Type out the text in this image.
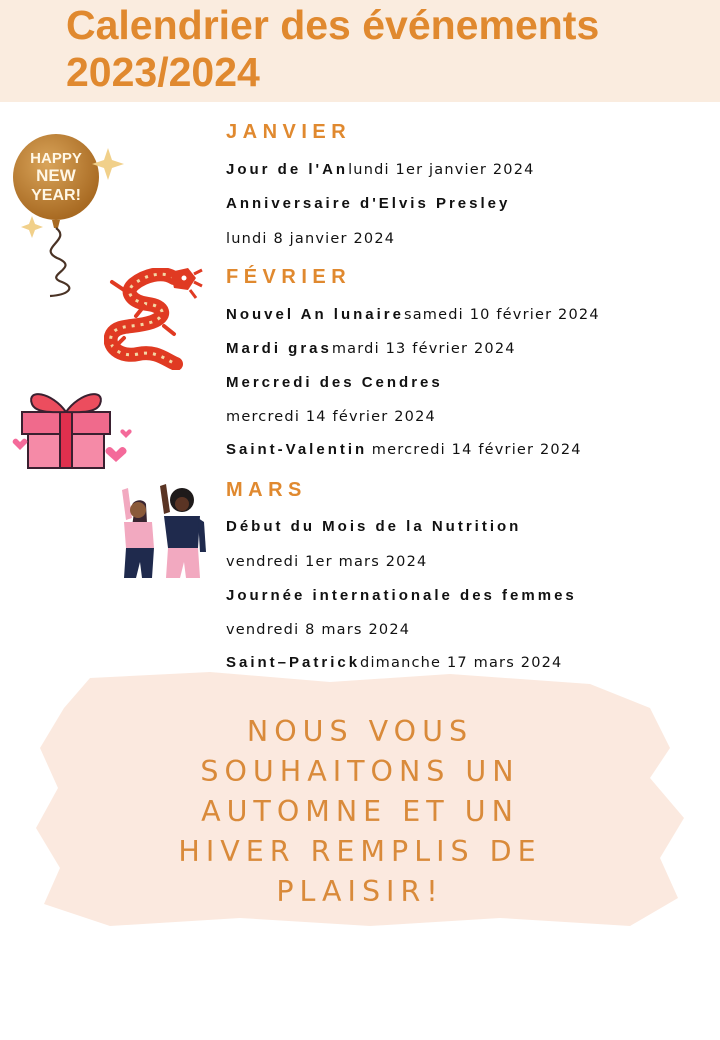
Calendrier des événements
2023/2024
HAPPY
NEW
YEAR!
JANVIER
Jour de l'Anlundi 1er janvier 2024
Anniversaire d'Elvis Presley
lundi 8 janvier 2024
FÉVRIER
Nouvel An lunairesamedi 10 février 2024
Mardi grasmardi 13 février 2024
Mercredi des Cendres
mercredi 14 février 2024
Saint-Valentin mercredi 14 février 2024
MARS
Début du Mois de la Nutrition
vendredi 1er mars 2024
Journée internationale des femmes
vendredi 8 mars 2024
Saint–Patrickdimanche 17 mars 2024
NOUS VOUS
SOUHAITONS UN
AUTOMNE ET UN
HIVER REMPLIS DE
PLAISIR!
